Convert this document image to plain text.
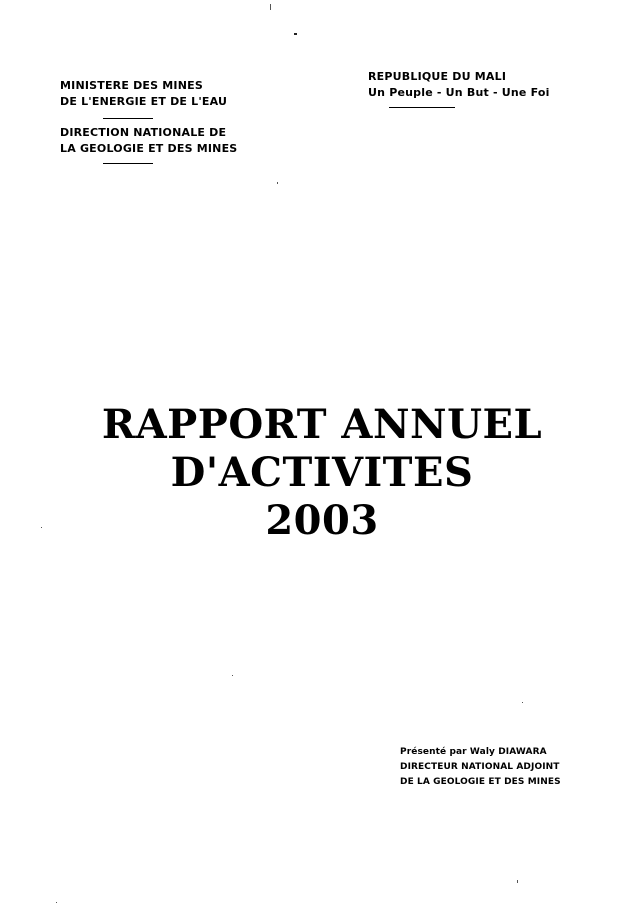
MINISTERE DES MINES
DE L'ENERGIE ET DE L'EAU
DIRECTION NATIONALE DE
LA GEOLOGIE ET DES MINES
REPUBLIQUE DU MALI
Un Peuple - Un But - Une Foi
RAPPORT ANNUEL
D'ACTIVITES
2003
Présenté par Waly DIAWARA
DIRECTEUR NATIONAL ADJOINT
DE LA GEOLOGIE ET DES MINES
